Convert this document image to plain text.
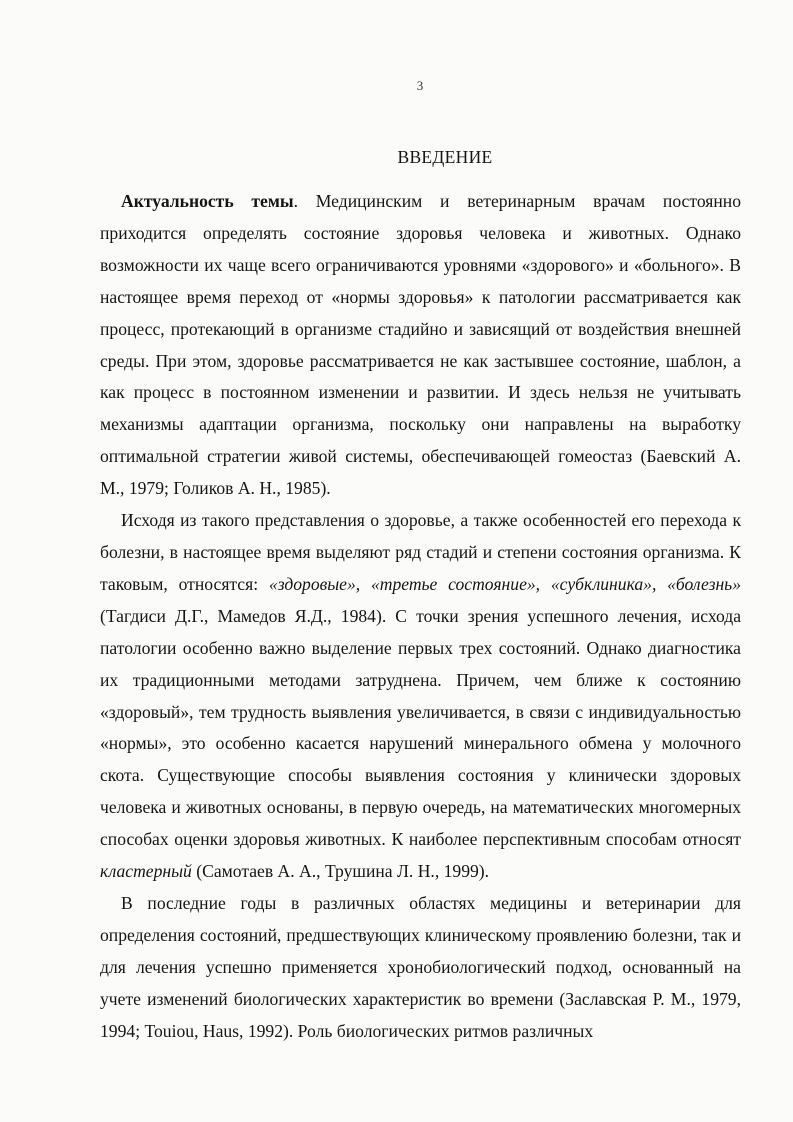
3
ВВЕДЕНИЕ

Актуальность темы. Медицинским и ветеринарным врачам постоянно приходится определять состояние здоровья человека и животных. Однако возможности их чаще всего ограничиваются уровнями «здорового» и «больного». В настоящее время переход от «нормы здоровья» к патологии рассматривается как процесс, протекающий в организме стадийно и зависящий от воздействия внешней среды. При этом, здоровье рассматривается не как застывшее состояние, шаблон, а как процесс в постоянном изменении и развитии. И здесь нельзя не учитывать механизмы адаптации организма, поскольку они направлены на выработку оптимальной стратегии живой системы, обеспечивающей гомеостаз (Баевский А. М., 1979; Голиков А. Н., 1985).

Исходя из такого представления о здоровье, а также особенностей его перехода к болезни, в настоящее время выделяют ряд стадий и степени состояния организма. К таковым, относятся: «здоровые», «третье состояние», «субклиника», «болезнь» (Тагдиси Д.Г., Мамедов Я.Д., 1984). С точки зрения успешного лечения, исхода патологии особенно важно выделение первых трех состояний. Однако диагностика их традиционными методами затруднена. Причем, чем ближе к состоянию «здоровый», тем трудность выявления увеличивается, в связи с индивидуальностью «нормы», это особенно касается нарушений минерального обмена у молочного скота. Существующие способы выявления состояния у клинически здоровых человека и животных основаны, в первую очередь, на математических многомерных способах оценки здоровья животных. К наиболее перспективным способам относят кластерный (Самотаев А. А., Трушина Л. Н., 1999).

В последние годы в различных областях медицины и ветеринарии для определения состояний, предшествующих клиническому проявлению болезни, так и для лечения успешно применяется хронобиологический подход, основанный на учете изменений биологических характеристик во времени (Заславская Р. М., 1979, 1994; Touiou, Haus, 1992). Роль биологических ритмов различных
